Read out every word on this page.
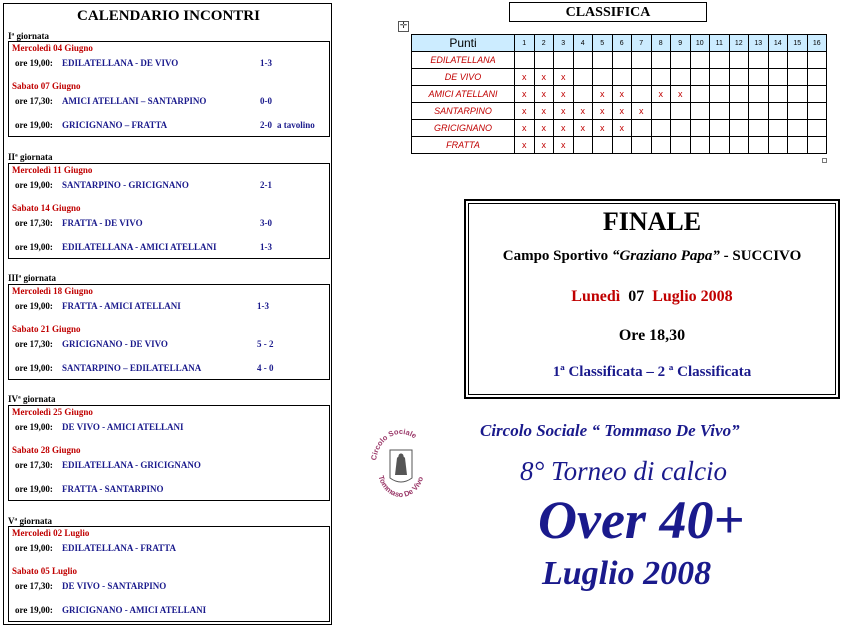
CALENDARIO INCONTRI
Iª giornata
Mercoledì 04 Giugno
ore 19,00: EDILATELLANA - DE VIVO	1-3
Sabato 07 Giugno
ore 17,30: AMICI ATELLANI – SANTARPINO	0-0
ore 19,00: GRICIGNANO – FRATTA	2-0 a tavolino
IIª giornata
Mercoledì 11 Giugno
ore 19,00: SANTARPINO - GRICIGNANO	2-1
Sabato 14 Giugno
ore 17,30: FRATTA - DE VIVO	3-0
ore 19,00: EDILATELLANA - AMICI ATELLANI	1-3
IIIª giornata
Mercoledì 18 Giugno
ore 19,00: FRATTA - AMICI ATELLANI	1-3
Sabato 21 Giugno
ore 17,30: GRICIGNANO - DE VIVO	5 - 2
ore 19,00: SANTARPINO – EDILATELLANA	4 - 0
IVª giornata
Mercoledì 25 Giugno
ore 19,00: DE VIVO - AMICI ATELLANI
Sabato 28 Giugno
ore 17,30: EDILATELLANA - GRICIGNANO
ore 19,00: FRATTA - SANTARPINO
Vª giornata
Mercoledì 02 Luglio
ore 19,00: EDILATELLANA - FRATTA
Sabato 05 Luglio
ore 17,30: DE VIVO - SANTARPINO
ore 19,00: GRICIGNANO - AMICI ATELLANI
CLASSIFICA
✛
Punti	1	2	3	4	5	6	7	8	9	10	11	12	13	14	15	16
EDILATELLANA																
DE VIVO	x	x	x													
AMICI ATELLANI	x	x	x		x	x		x	x							
SANTARPINO	x	x	x	x	x	x	x									
GRICIGNANO	x	x	x	x	x	x										
FRATTA	x	x	x													
FINALE
Campo Sportivo “Graziano Papa” - SUCCIVO
Lunedì 07 Luglio 2008
Ore 18,30
1ª Classificata – 2 ª Classificata
Circolo Sociale
Tommaso De Vivo
Circolo Sociale “ Tommaso De Vivo”
8° Torneo di calcio
Over 40+
Luglio 2008
